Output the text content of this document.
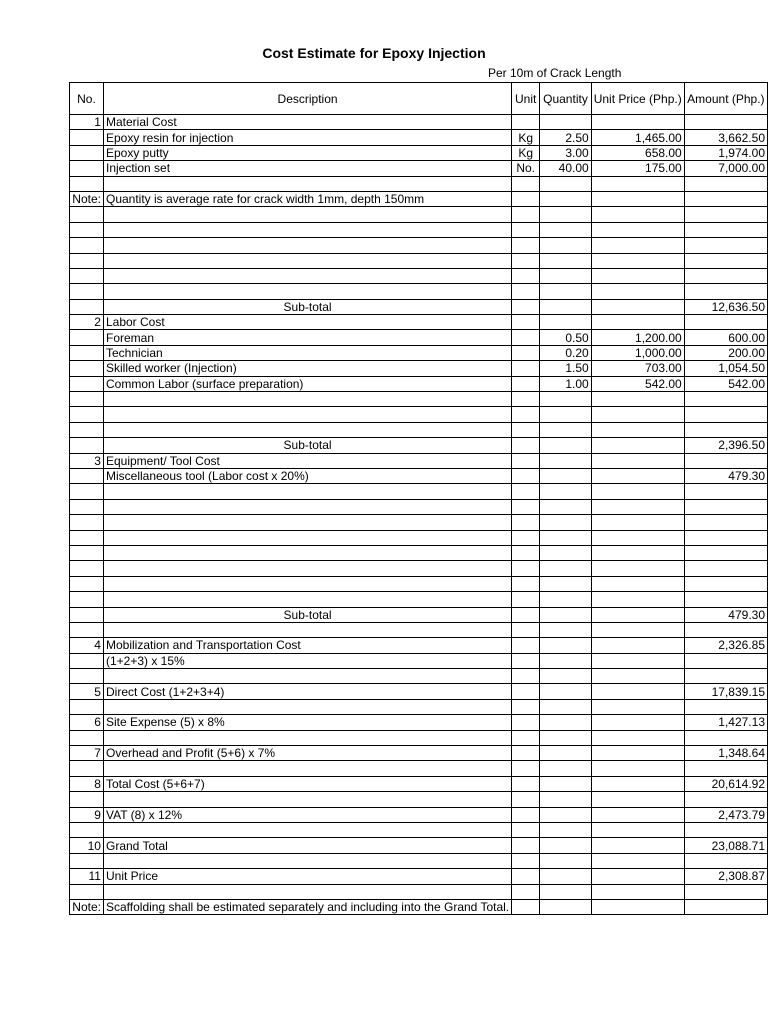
Cost Estimate for Epoxy Injection
Per 10m of Crack Length
No.	Description	Unit	Quantity	Unit Price (Php.)	Amount (Php.)
1	Material Cost				
	Epoxy resin for injection	Kg	2.50	1,465.00	3,662.50
	Epoxy putty	Kg	3.00	658.00	1,974.00
	Injection set	No.	40.00	175.00	7,000.00

Note:	Quantity is average rate for crack width 1mm, depth 150mm				

	Sub-total				12,636.50
2	Labor Cost				
	Foreman		0.50	1,200.00	600.00
	Technician		0.20	1,000.00	200.00
	Skilled worker (Injection)		1.50	703.00	1,054.50
	Common Labor (surface preparation)		1.00	542.00	542.00

	Sub-total				2,396.50
3	Equipment/ Tool Cost				
	Miscellaneous tool (Labor cost x 20%)				479.30

	Sub-total				479.30

4	Mobilization and Transportation Cost				2,326.85
	(1+2+3) x 15%				

5	Direct Cost (1+2+3+4)				17,839.15

6	Site Expense (5) x 8%				1,427.13

7	Overhead and Profit (5+6) x 7%				1,348.64

8	Total Cost (5+6+7)				20,614.92

9	VAT (8) x 12%				2,473.79

10	Grand Total				23,088.71

11	Unit Price				2,308.87

Note:	Scaffolding shall be estimated separately and including into the Grand Total.				
